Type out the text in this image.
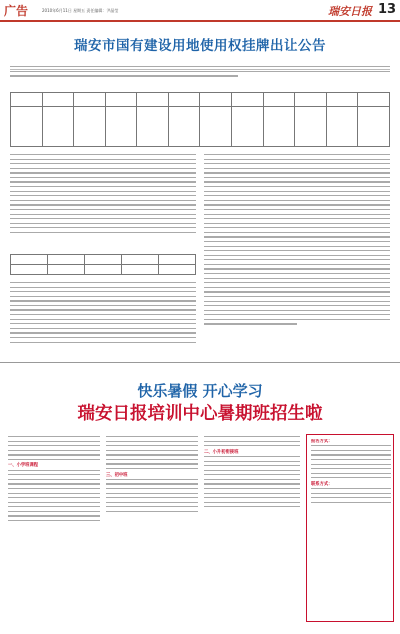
广告	2010年6月11日 星期五 责任编辑：尹晶莹	瑞安日报 13
瑞安市国有建设用地使用权挂牌出让公告

快乐暑假 开心学习
瑞安日报培训中心暑期班招生啦
一、小学班课程
三、初中班
二、小升初衔接班
报名方式：
联系方式：
